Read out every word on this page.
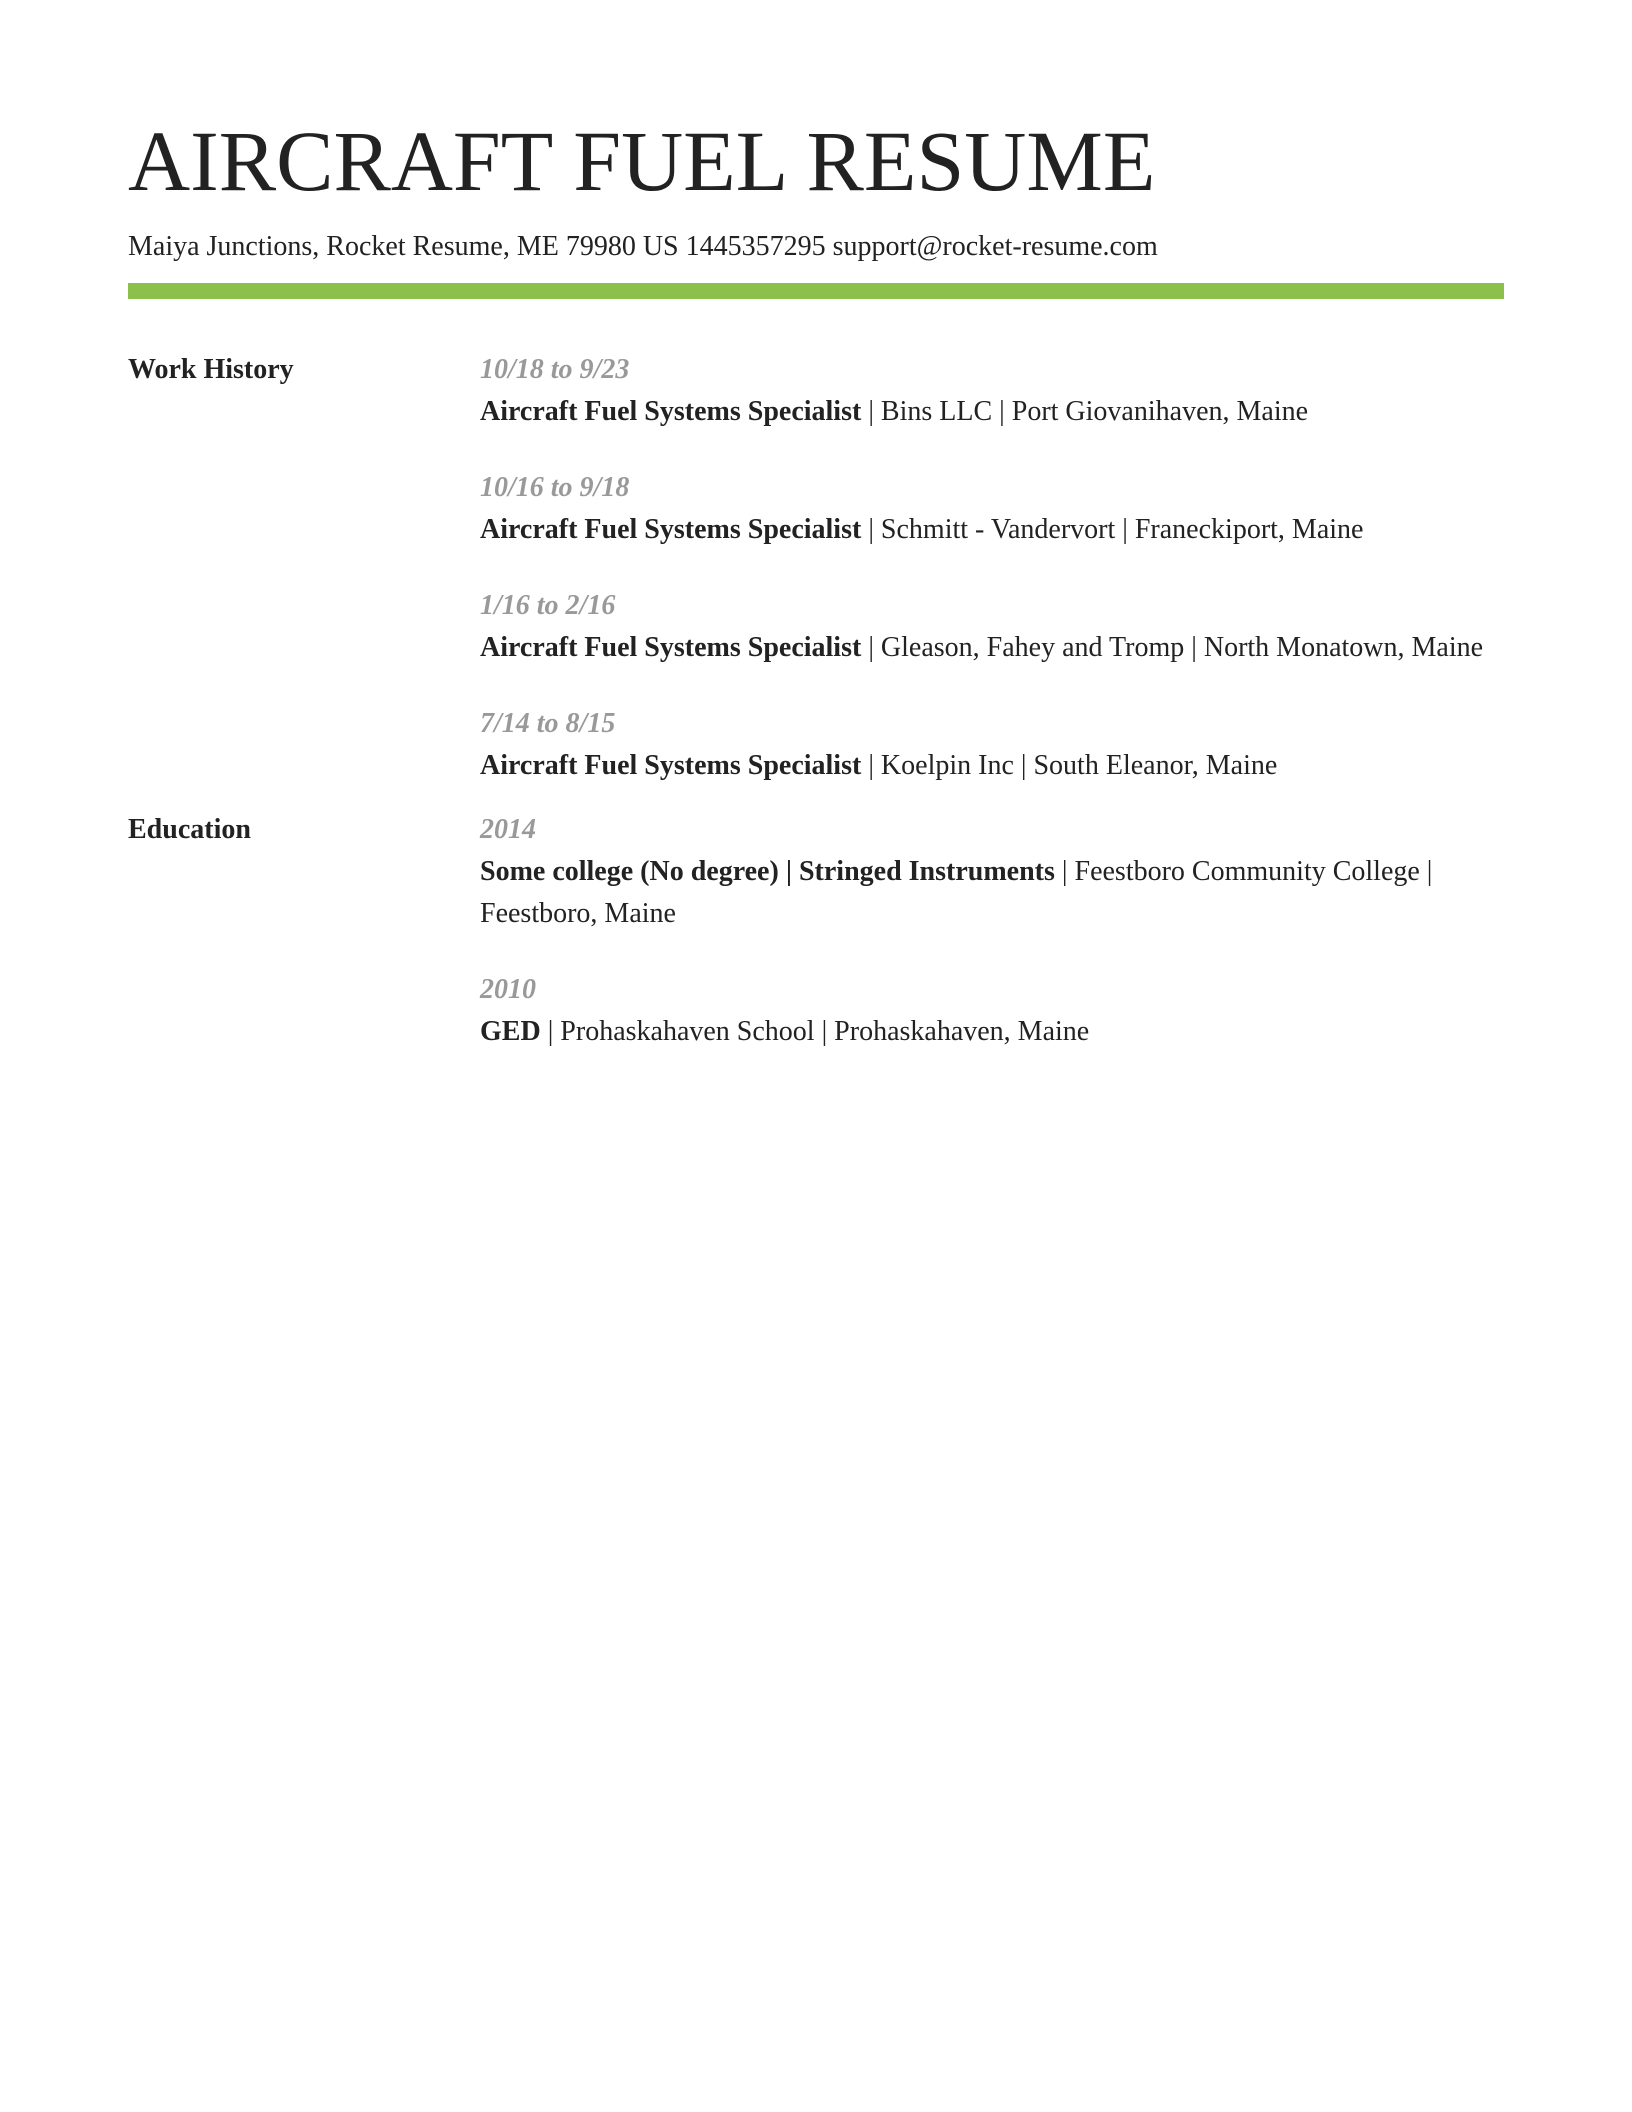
AIRCRAFT FUEL RESUME
Maiya Junctions, Rocket Resume, ME 79980 US 1445357295 support@rocket-resume.com
Work History	10/18 to 9/23
Aircraft Fuel Systems Specialist | Bins LLC | Port Giovanihaven, Maine
10/16 to 9/18
Aircraft Fuel Systems Specialist | Schmitt - Vandervort | Franeckiport, Maine
1/16 to 2/16
Aircraft Fuel Systems Specialist | Gleason, Fahey and Tromp | North Monatown, Maine
7/14 to 8/15
Aircraft Fuel Systems Specialist | Koelpin Inc | South Eleanor, Maine
Education	2014
Some college (No degree) | Stringed Instruments | Feestboro Community College | Feestboro, Maine
2010
GED | Prohaskahaven School | Prohaskahaven, Maine
